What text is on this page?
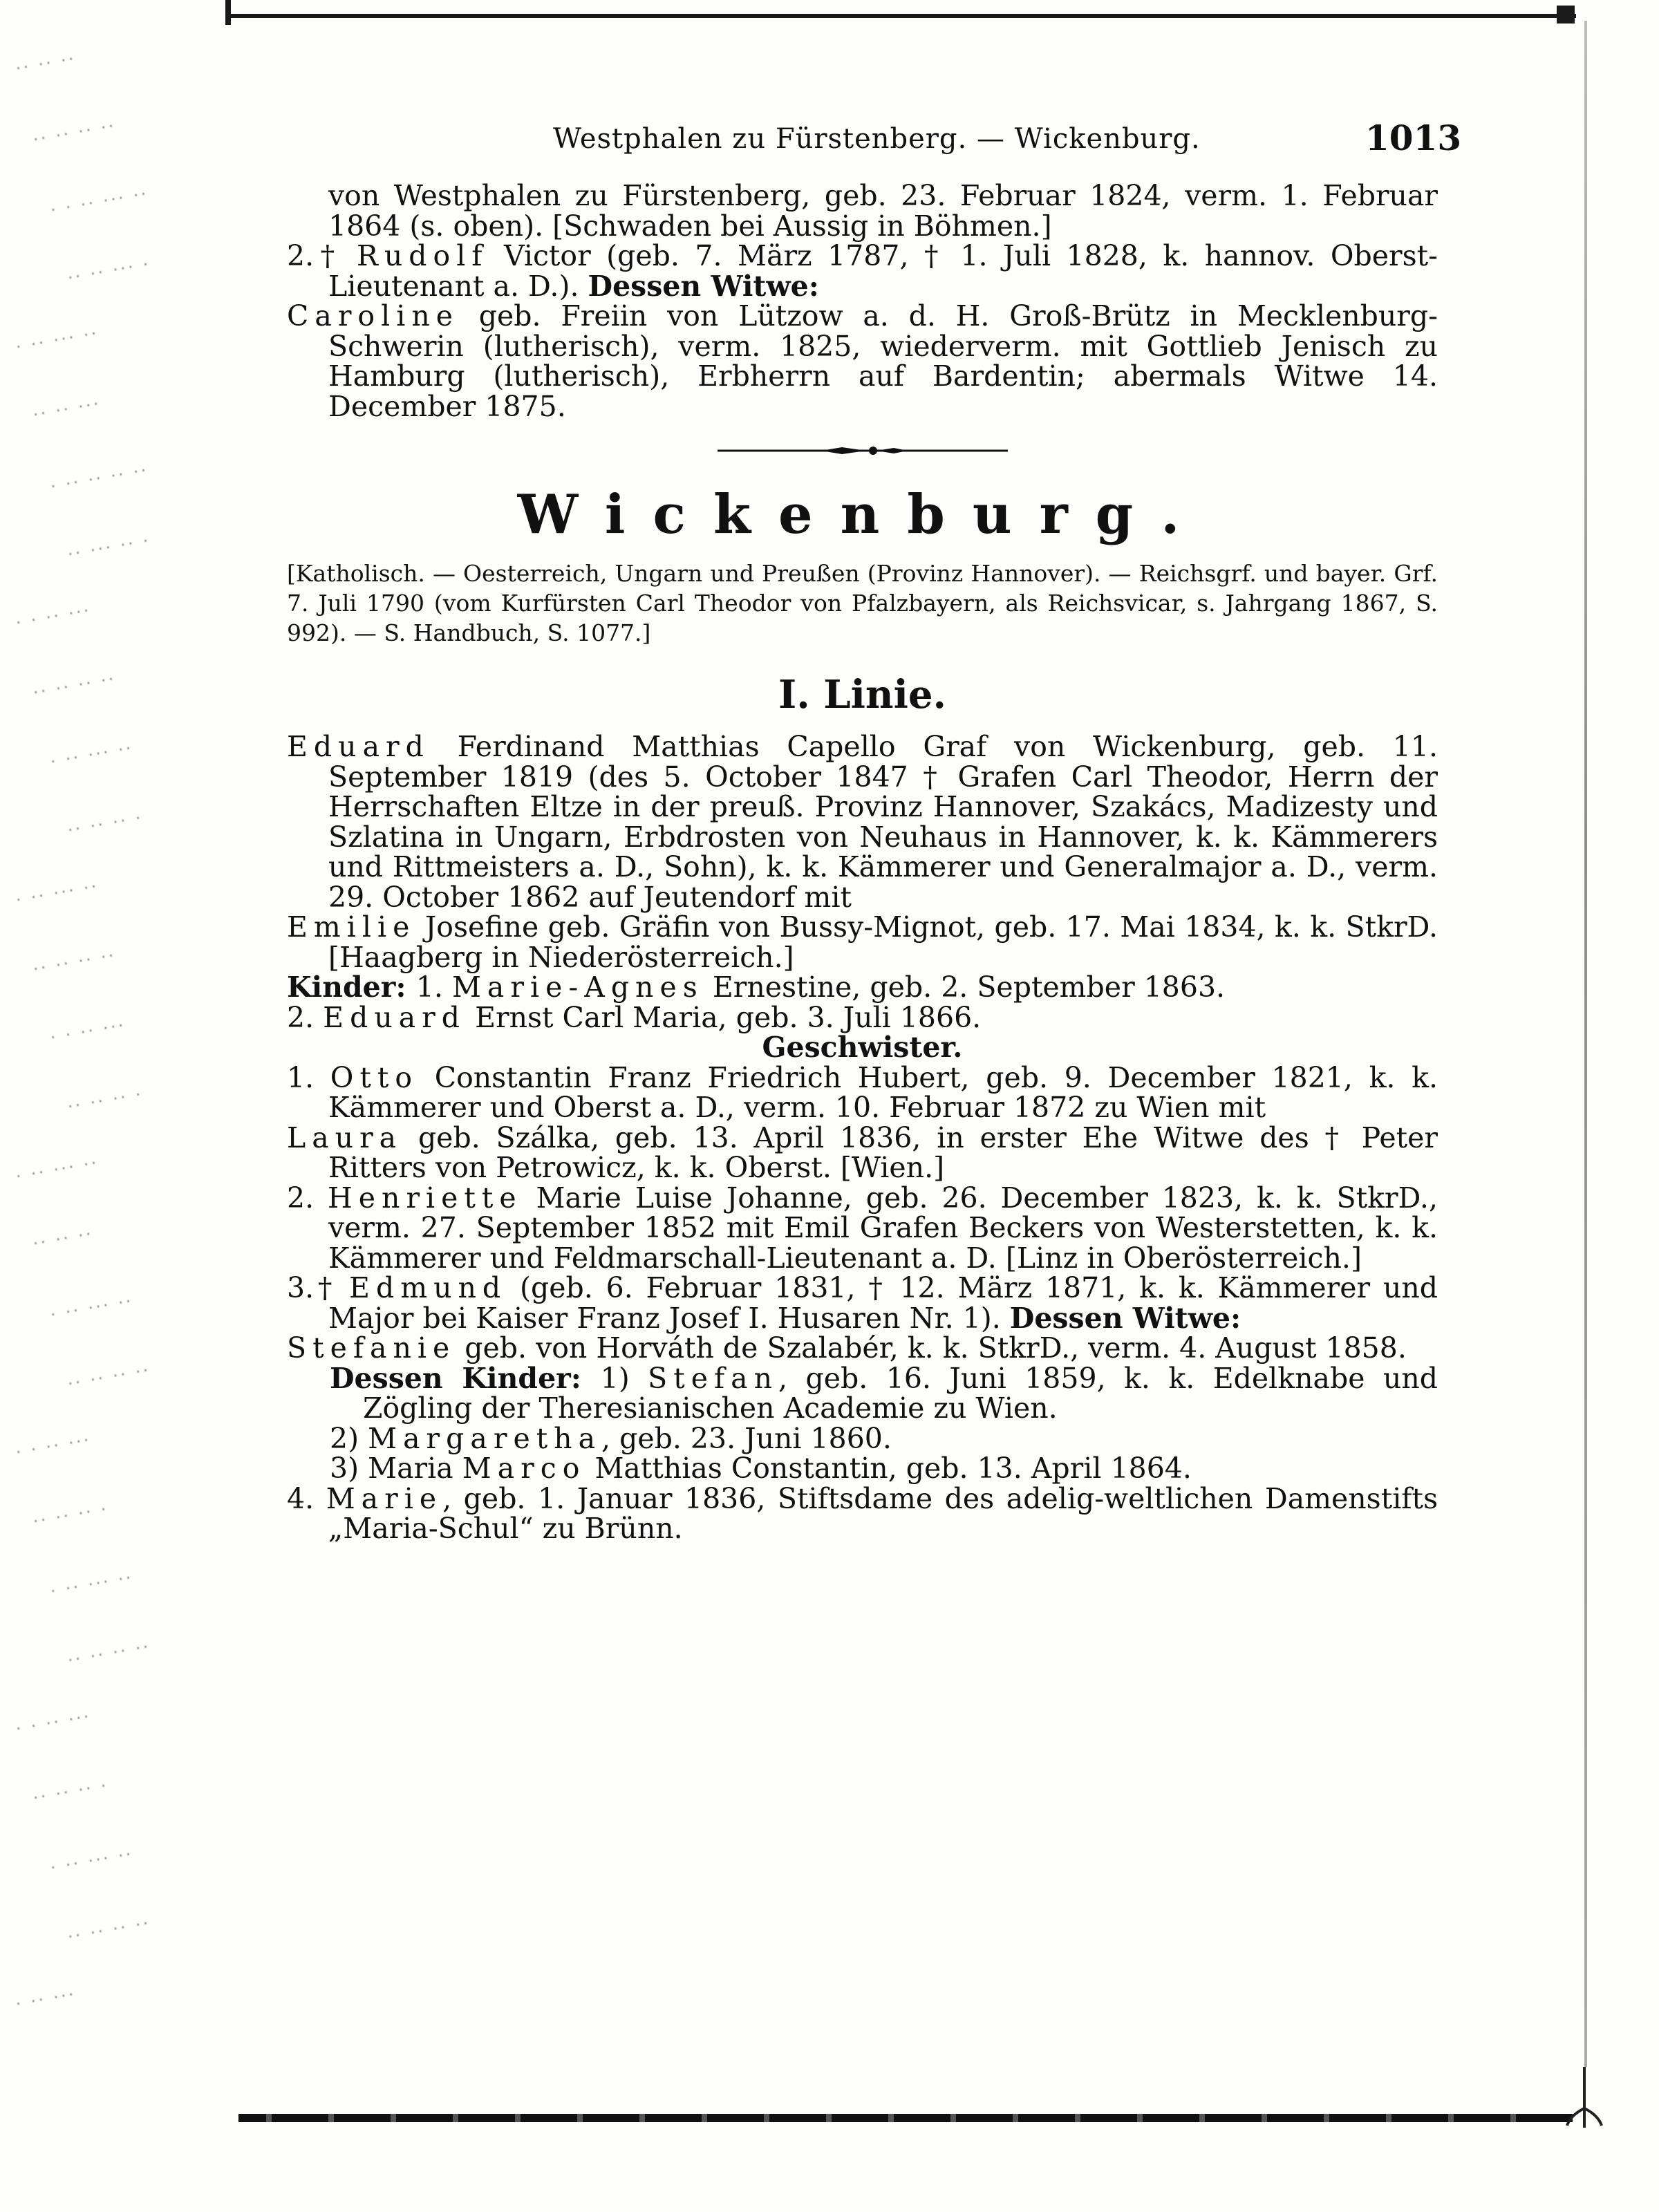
·· ·· ··
·· ·· ·· ··
· · ·· ··· ··
·· ·· ··· ·
· ·· ··· ··
·· ·· ···
· ·· ·· ·· ··
·· ··· ·· ·
· · ·· ···
·· ·· ·· ··
· ·· ··· ··
·· ·· ·· ·
· ·· ··· ··
·· ·· ·· ··
· · ·· ···
·· ·· ·· ·
· ·· ··· ··
·· ·· ··
· ·· ··· ··
·· ·· ·· ··
· · ·· ···
·· ·· ·· ·
· ·· ··· ··
·· ·· ·· ··
· · ·· ···
·· ·· ·· ·
· ·· ··· ··
·· ·· ·· ··
· ·· ···
Westphalen zu Fürstenberg. — Wickenburg.	1013

von Westphalen zu Fürstenberg, geb. 23. Februar 1824, verm. 1. Februar 1864 (s. oben). [Schwaden bei Aussig in Böhmen.]

2.† Rudolf Victor (geb. 7. März 1787, † 1. Juli 1828, k. hannov. Oberst-Lieutenant a. D.). Dessen Witwe:

Caroline geb. Freiin von Lützow a. d. H. Groß-Brütz in Mecklenburg-Schwerin (lutherisch), verm. 1825, wiederverm. mit Gottlieb Jenisch zu Hamburg (lutherisch), Erbherrn auf Bardentin; abermals Witwe 14. December 1875.

Wickenburg.

[Katholisch. — Oesterreich, Ungarn und Preußen (Provinz Hannover). — Reichsgrf. und bayer. Grf. 7. Juli 1790 (vom Kurfürsten Carl Theodor von Pfalzbayern, als Reichsvicar, s. Jahrgang 1867, S. 992). — S. Handbuch, S. 1077.]

I. Linie.

Eduard Ferdinand Matthias Capello Graf von Wickenburg, geb. 11. September 1819 (des 5. October 1847 † Grafen Carl Theodor, Herrn der Herrschaften Eltze in der preuß. Provinz Hannover, Szakács, Madizesty und Szlatina in Ungarn, Erbdrosten von Neuhaus in Hannover, k. k. Kämmerers und Rittmeisters a. D., Sohn), k. k. Kämmerer und Generalmajor a. D., verm. 29. October 1862 auf Jeutendorf mit

Emilie Josefine geb. Gräfin von Bussy-Mignot, geb. 17. Mai 1834, k. k. StkrD. [Haagberg in Niederösterreich.]

Kinder: 1. Marie-Agnes Ernestine, geb. 2. September 1863.

2. Eduard Ernst Carl Maria, geb. 3. Juli 1866.

Geschwister.

1. Otto Constantin Franz Friedrich Hubert, geb. 9. December 1821, k. k. Kämmerer und Oberst a. D., verm. 10. Februar 1872 zu Wien mit

Laura geb. Szálka, geb. 13. April 1836, in erster Ehe Witwe des † Peter Ritters von Petrowicz, k. k. Oberst. [Wien.]

2. Henriette Marie Luise Johanne, geb. 26. December 1823, k. k. StkrD., verm. 27. September 1852 mit Emil Grafen Beckers von Westerstetten, k. k. Kämmerer und Feldmarschall-Lieutenant a. D. [Linz in Oberösterreich.]

3.† Edmund (geb. 6. Februar 1831, † 12. März 1871, k. k. Kämmerer und Major bei Kaiser Franz Josef I. Husaren Nr. 1). Dessen Witwe:

Stefanie geb. von Horváth de Szalabér, k. k. StkrD., verm. 4. August 1858.

Dessen Kinder: 1) Stefan, geb. 16. Juni 1859, k. k. Edelknabe und Zögling der Theresianischen Academie zu Wien.

2) Margaretha, geb. 23. Juni 1860.

3) Maria Marco Matthias Constantin, geb. 13. April 1864.

4. Marie, geb. 1. Januar 1836, Stiftsdame des adelig-weltlichen Damenstifts „Maria-Schul“ zu Brünn.
